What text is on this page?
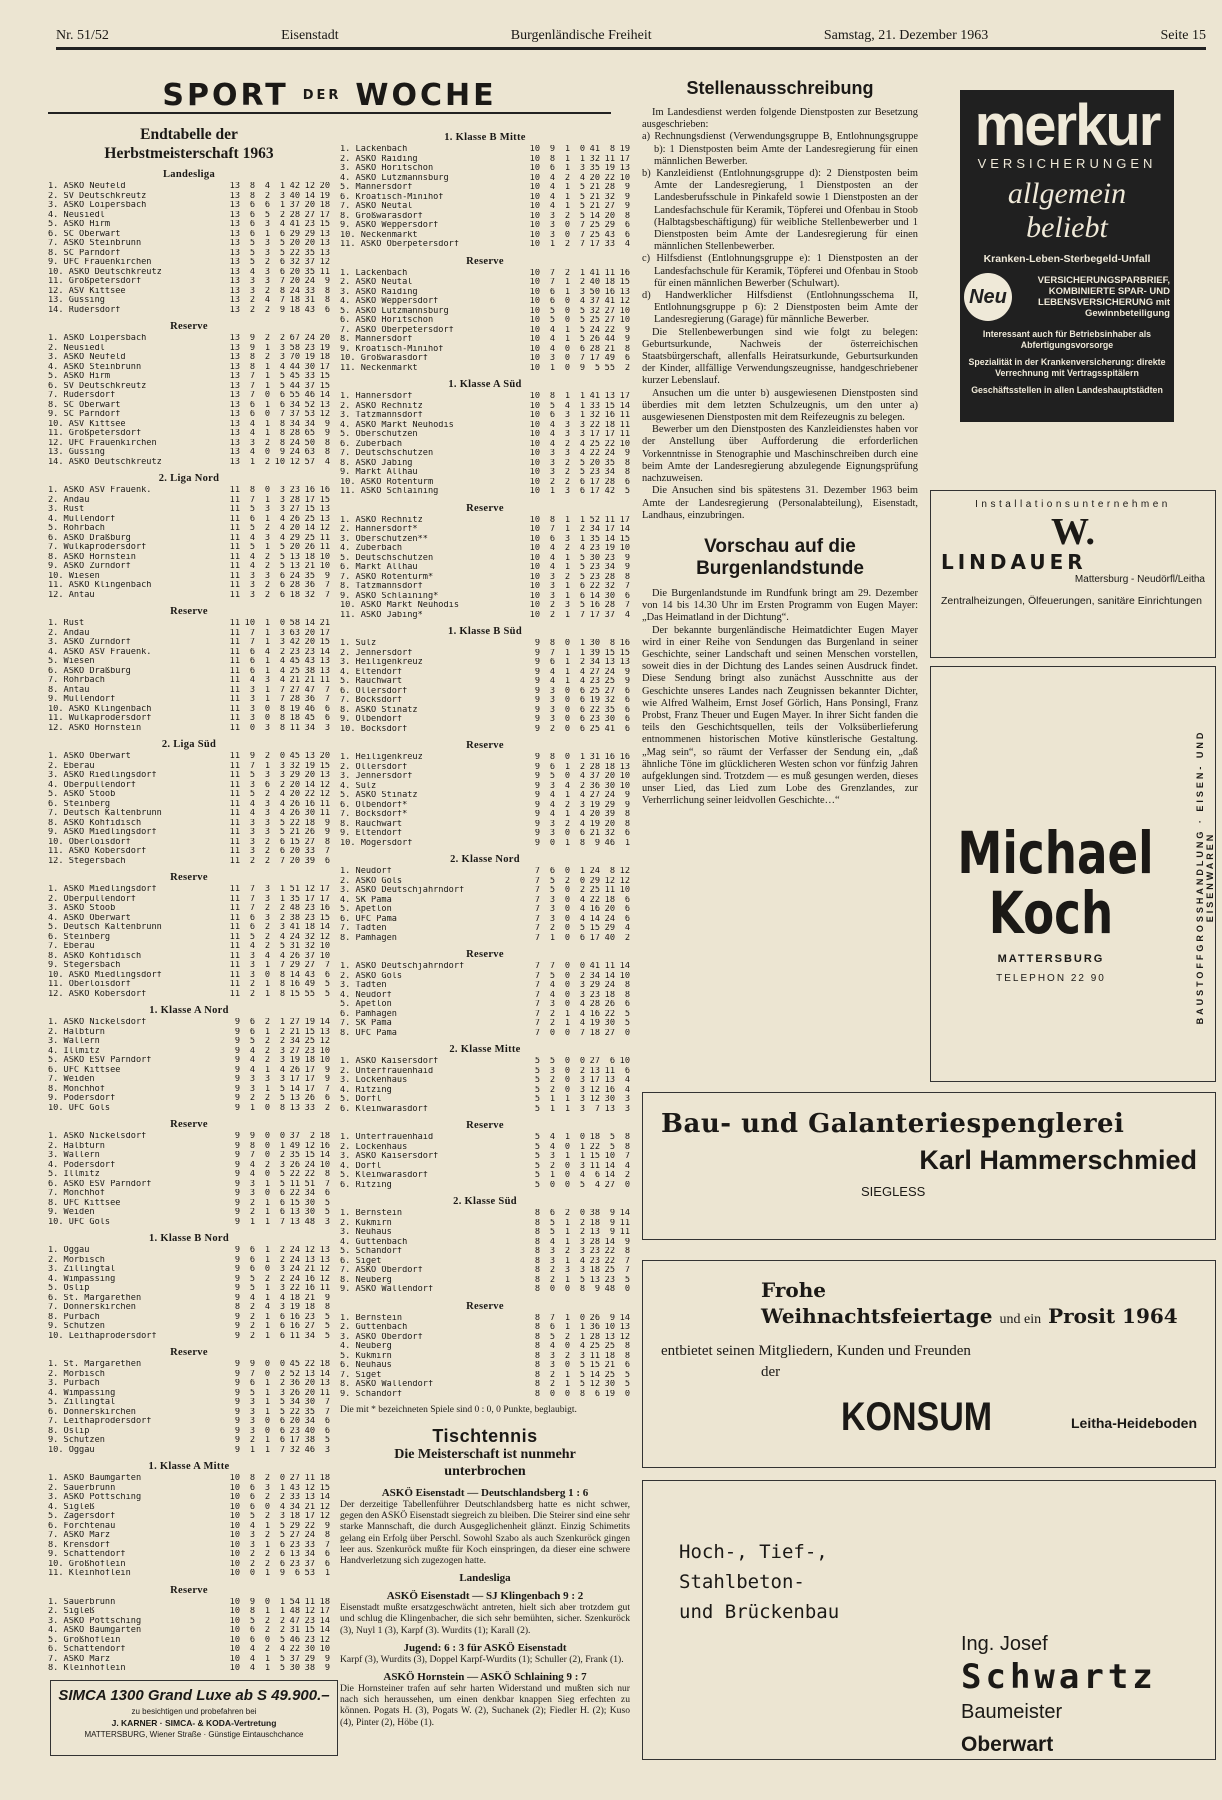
Nr. 51/52	Eisenstadt	Burgenländische Freiheit	Samstag, 21. Dezember 1963	Seite 15
SPORT DER WOCHE
Endtabelle der
Herbstmeisterschaft 1963
Landesliga
1. ASKÖ Neufeld	13	8	4	1	42	12	20
2. SV Deutschkreutz	13	8	2	3	40	14	19
3. ASKÖ Loipersbach	13	6	6	1	37	20	18
4. Neusiedl	13	6	5	2	28	27	17
5. ASKÖ Hirm	13	6	3	4	41	23	15
6. SC Oberwart	13	6	1	6	29	29	13
7. ASKÖ Steinbrunn	13	5	3	5	20	20	13
8. SC Parndorf	13	5	3	5	22	35	13
9. UFC Frauenkirchen	13	5	2	6	32	37	12
10. ASKÖ Deutschkreutz	13	4	3	6	20	35	11
11. Großpetersdorf	13	3	3	7	20	24	9
12. ASV Kittsee	13	3	2	8	24	33	8
13. Güssing	13	2	4	7	18	31	8
14. Rudersdorf	13	2	2	9	18	43	6
Reserve
1. ASKÖ Loipersbach	13	9	2	2	67	24	20
2. Neusiedl	13	9	1	3	58	23	19
3. ASKÖ Neufeld	13	8	2	3	70	19	18
4. ASKÖ Steinbrunn	13	8	1	4	44	30	17
5. ASKÖ Hirm	13	7	1	5	45	33	15
6. SV Deutschkreutz	13	7	1	5	44	37	15
7. Rudersdorf	13	7	0	6	55	46	14
8. SC Oberwart	13	6	1	6	34	52	13
9. SC Parndorf	13	6	0	7	37	53	12
10. ASV Kittsee	13	4	1	8	34	34	9
11. Großpetersdorf	13	4	1	8	28	65	9
12. UFC Frauenkirchen	13	3	2	8	24	50	8
13. Güssing	13	4	0	9	24	63	8
14. ASKÖ Deutschkreutz	13	1	2	10	12	57	4
2. Liga Nord
1. ASKÖ ASV Frauenk.	11	8	0	3	23	16	16
2. Andau	11	7	1	3	28	17	15
3. Rust	11	5	3	3	27	15	13
4. Müllendorf	11	6	1	4	26	25	13
5. Rohrbach	11	5	2	4	20	14	12
6. ASKÖ Draßburg	11	4	3	4	29	25	11
7. Wulkaprodersdorf	11	5	1	5	20	26	11
8. ASKÖ Hornstein	11	4	2	5	13	18	10
9. ASKÖ Zurndorf	11	4	2	5	13	21	10
10. Wiesen	11	3	3	6	24	35	9
11. ASKÖ Klingenbach	11	3	2	6	28	36	7
12. Antau	11	3	2	6	18	32	7
Reserve
1. Rust	11	10	1	0	58	14	21
2. Andau	11	7	1	3	63	20	17
3. ASKÖ Zurndorf	11	7	1	3	42	20	15
4. ASKÖ ASV Frauenk.	11	6	4	2	23	23	14
5. Wiesen	11	6	1	4	45	43	13
6. ASKÖ Draßburg	11	6	1	4	25	38	13
7. Rohrbach	11	4	3	4	21	21	11
8. Antau	11	3	1	7	27	47	7
9. Müllendorf	11	3	1	7	28	36	7
10. ASKÖ Klingenbach	11	3	0	8	19	46	6
11. Wulkaprodersdorf	11	3	0	8	18	45	6
12. ASKÖ Hornstein	11	0	3	8	11	34	3
2. Liga Süd
1. ASKÖ Oberwart	11	9	2	0	45	13	20
2. Eberau	11	7	1	3	32	19	15
3. ASKÖ Riedlingsdorf	11	5	3	3	29	20	13
4. Oberpullendorf	11	3	6	2	20	14	12
5. ASKÖ Stoob	11	5	2	4	20	22	12
6. Steinberg	11	4	3	4	26	16	11
7. Deutsch Kaltenbrunn	11	4	3	4	26	30	11
8. ASKÖ Kohfidisch	11	3	3	5	22	18	9
9. ASKÖ Miedlingsdorf	11	3	3	5	21	26	9
10. Oberloisdorf	11	3	2	6	15	27	8
11. ASKÖ Kobersdorf	11	3	2	6	20	33	7
12. Stegersbach	11	2	2	7	20	39	6
Reserve
1. ASKÖ Miedlingsdorf	11	7	3	1	51	12	17
2. Oberpullendorf	11	7	3	1	35	17	17
3. ASKÖ Stoob	11	7	2	2	48	23	16
4. ASKÖ Oberwart	11	6	3	2	38	23	15
5. Deutsch Kaltenbrunn	11	6	2	3	41	18	14
6. Steinberg	11	5	2	4	24	32	12
7. Eberau	11	4	2	5	31	32	10
8. ASKÖ Kohfidisch	11	3	4	4	26	37	10
9. Stegersbach	11	3	1	7	29	27	7
10. ASKÖ Miedlingsdorf	11	3	0	8	14	43	6
11. Oberloisdorf	11	2	1	8	16	49	5
12. ASKÖ Kobersdorf	11	2	1	8	15	55	5
1. Klasse A Nord
1. ASKÖ Nickelsdorf	9	6	2	1	27	19	14
2. Halbturn	9	6	1	2	21	15	13
3. Wallern	9	5	2	2	34	25	12
4. Illmitz	9	4	2	3	27	23	10
5. ASKÖ ESV Parndorf	9	4	2	3	19	18	10
6. UFC Kittsee	9	4	1	4	26	17	9
7. Weiden	9	3	3	3	17	17	9
8. Mönchhof	9	3	1	5	14	17	7
9. Podersdorf	9	2	2	5	13	26	6
10. UFC Gols	9	1	0	8	13	33	2
Reserve
1. ASKÖ Nickelsdorf	9	9	0	0	37	2	18
2. Halbturn	9	8	0	1	49	12	16
3. Wallern	9	7	0	2	35	15	14
4. Podersdorf	9	4	2	3	26	24	10
5. Illmitz	9	4	0	5	22	22	8
6. ASKÖ ESV Parndorf	9	3	1	5	11	51	7
7. Mönchhof	9	3	0	6	22	34	6
8. UFC Kittsee	9	2	1	6	15	30	5
9. Weiden	9	2	1	6	13	30	5
10. UFC Gols	9	1	1	7	13	48	3
1. Klasse B Nord
1. Oggau	9	6	1	2	24	12	13
2. Mörbisch	9	6	1	2	24	13	13
3. Zillingtal	9	6	0	3	24	21	12
4. Wimpassing	9	5	2	2	24	16	12
5. Oslip	9	5	1	3	22	16	11
6. St. Margarethen	9	4	1	4	18	21	9
7. Donnerskirchen	8	2	4	3	19	18	8
8. Purbach	9	2	1	6	16	23	5
9. Schützen	9	2	1	6	16	27	5
10. Leithaprodersdorf	9	2	1	6	11	34	5
Reserve
1. St. Margarethen	9	9	0	0	45	22	18
2. Mörbisch	9	7	0	2	52	13	14
3. Purbach	9	6	1	2	36	20	13
4. Wimpassing	9	5	1	3	26	20	11
5. Zillingtal	9	3	1	5	34	30	7
6. Donnerskirchen	9	3	1	5	22	35	7
7. Leithaprodersdorf	9	3	0	6	20	34	6
8. Oslip	9	3	0	6	23	40	6
9. Schützen	9	2	1	6	17	38	5
10. Oggau	9	1	1	7	32	46	3
1. Klasse A Mitte
1. ASKÖ Baumgarten	10	8	2	0	27	11	18
2. Sauerbrunn	10	6	3	1	43	12	15
3. ASKÖ Pöttsching	10	6	2	2	33	13	14
4. Sigleß	10	6	0	4	34	21	12
5. Zagersdorf	10	5	2	3	18	17	12
6. Forchtenau	10	4	1	5	29	22	9
7. ASKÖ Marz	10	3	2	5	27	24	8
8. Krensdorf	10	3	1	6	23	33	7
9. Schattendorf	10	2	2	6	13	34	6
10. Großhöflein	10	2	2	6	23	37	6
11. Kleinhöflein	10	0	1	9	6	53	1
Reserve
1. Sauerbrunn	10	9	0	1	54	11	18
2. Sigleß	10	8	1	1	48	12	17
3. ASKÖ Pöttsching	10	5	2	2	47	23	14
4. ASKÖ Baumgarten	10	6	2	2	31	15	14
5. Großhöflein	10	6	0	5	46	23	12
6. Schattendorf	10	4	2	4	22	30	10
7. ASKÖ Marz	10	4	1	5	37	29	9
8. Kleinhöflein	10	4	1	5	30	38	9

1. Klasse B Mitte
1. Lackenbach	10	9	1	0	41	8	19
2. ASKÖ Raiding	10	8	1	1	32	11	17
3. ASKÖ Horitschon	10	6	1	3	35	19	13
4. ASKÖ Lutzmannsburg	10	4	2	4	20	22	10
5. Mannersdorf	10	4	1	5	21	28	9
6. Kroatisch-Minihof	10	4	1	5	21	32	9
7. ASKÖ Neutal	10	4	1	5	21	27	9
8. Großwarasdorf	10	3	2	5	14	20	8
9. ASKÖ Weppersdorf	10	3	0	7	25	29	6
10. Neckenmarkt	10	3	0	7	25	43	6
11. ASKÖ Oberpetersdorf	10	1	2	7	17	33	4
Reserve
1. Lackenbach	10	7	2	1	41	11	16
2. ASKÖ Neutal	10	7	1	2	40	18	15
3. ASKÖ Raiding	10	6	1	3	50	16	13
4. ASKÖ Weppersdorf	10	6	0	4	37	41	12
5. ASKÖ Lutzmannsburg	10	5	0	5	32	27	10
6. ASKÖ Horitschon	10	5	0	5	25	27	10
7. ASKÖ Oberpetersdorf	10	4	1	5	24	22	9
8. Mannersdorf	10	4	1	5	26	44	9
9. Kroatisch-Minihof	10	4	0	6	28	21	8
10. Großwarasdorf	10	3	0	7	17	49	6
11. Neckenmarkt	10	1	0	9	5	55	2
1. Klasse A Süd
1. Hannersdorf	10	8	1	1	41	13	17
2. ASKÖ Rechnitz	10	5	4	1	33	15	14
3. Tatzmannsdorf	10	6	3	1	32	16	11
4. ASKÖ Markt Neuhodis	10	4	3	3	22	18	11
5. Oberschützen	10	4	3	3	17	17	11
6. Zuberbach	10	4	2	4	25	22	10
7. Deutschschützen	10	3	3	4	22	24	9
8. ASKÖ Jabing	10	3	2	5	20	35	8
9. Markt Allhau	10	3	2	5	23	34	8
10. ASKÖ Rotenturm	10	2	2	6	17	28	6
11. ASKÖ Schlaining	10	1	3	6	17	42	5
Reserve
1. ASKÖ Rechnitz	10	8	1	1	52	11	17
2. Hannersdorf*	10	7	1	2	34	17	14
3. Oberschützen**	10	6	3	1	35	14	15
4. Zuberbach	10	4	2	4	23	19	10
5. Deutschschützen	10	4	1	5	30	23	9
6. Markt Allhau	10	4	1	5	23	34	9
7. ASKÖ Rotenturm*	10	3	2	5	23	28	8
8. Tatzmannsdorf	10	3	1	6	22	32	7
9. ASKÖ Schlaining*	10	3	1	6	14	30	6
10. ASKÖ Markt Neuhodis	10	2	3	5	16	28	7
11. ASKÖ Jabing*	10	2	1	7	17	37	4
1. Klasse B Süd
1. Sulz	9	8	0	1	30	8	16
2. Jennersdorf	9	7	1	1	39	15	15
3. Heiligenkreuz	9	6	1	2	34	13	13
4. Eltendorf	9	4	1	4	27	24	9
5. Rauchwart	9	4	1	4	23	25	9
6. Ollersdorf	9	3	0	6	25	27	6
7. Bocksdorf	9	3	0	6	19	32	6
8. ASKÖ Stinatz	9	3	0	6	22	35	6
9. Olbendorf	9	3	0	6	23	30	6
10. Bocksdorf	9	2	0	6	25	41	6
Reserve
1. Heiligenkreuz	9	8	0	1	31	16	16
2. Ollersdorf	9	6	1	2	28	18	13
3. Jennersdorf	9	5	0	4	37	20	10
4. Sulz	9	3	4	2	36	30	10
5. ASKÖ Stinatz	9	4	1	4	27	24	9
6. Olbendorf*	9	4	2	3	19	29	9
7. Bocksdorf*	9	4	1	4	20	39	8
8. Rauchwart	9	3	2	4	19	20	8
9. Eltendorf	9	3	0	6	21	32	6
10. Mogersdorf	9	0	1	8	9	46	1
2. Klasse Nord
1. Neudorf	7	6	0	1	24	8	12
2. ASKÖ Gols	7	5	2	0	29	12	12
3. ASKÖ Deutschjahrndorf	7	5	0	2	25	11	10
4. SK Pama	7	3	0	4	22	18	6
5. Apetlon	7	3	0	4	16	20	6
6. UFC Pama	7	3	0	4	14	24	6
7. Tadten	7	2	0	5	15	29	4
8. Pamhagen	7	1	0	6	17	40	2
Reserve
1. ASKÖ Deutschjahrndorf	7	7	0	0	41	11	14
2. ASKÖ Gols	7	5	0	2	34	14	10
3. Tadten	7	4	0	3	29	24	8
4. Neudorf	7	4	0	3	23	18	8
5. Apetlon	7	3	0	4	28	26	6
6. Pamhagen	7	2	1	4	16	22	5
7. SK Pama	7	2	1	4	19	30	5
8. UFC Pama	7	0	0	7	18	27	0
2. Klasse Mitte
1. ASKÖ Kaisersdorf	5	5	0	0	27	6	10
2. Unterfrauenhaid	5	3	0	2	13	11	6
3. Lockenhaus	5	2	0	3	17	13	4
4. Ritzing	5	2	0	3	12	16	4
5. Dörfl	5	1	1	3	12	30	3
6. Kleinwarasdorf	5	1	1	3	7	13	3
Reserve
1. Unterfrauenhaid	5	4	1	0	18	5	8
2. Lockenhaus	5	4	0	1	22	5	8
3. ASKÖ Kaisersdorf	5	3	1	1	15	10	7
4. Dörfl	5	2	0	3	11	14	4
5. Kleinwarasdorf	5	1	0	4	6	14	2
6. Ritzing	5	0	0	5	4	27	0
2. Klasse Süd
1. Bernstein	8	6	2	0	38	9	14
2. Kukmirn	8	5	1	2	18	9	11
3. Neuhaus	8	5	1	2	13	9	11
4. Güttenbach	8	4	1	3	28	14	9
5. Schandorf	8	3	2	3	23	22	8
6. Siget	8	3	1	4	23	22	7
7. ASKÖ Oberdorf	8	2	3	3	18	25	7
8. Neuberg	8	2	1	5	13	23	5
9. ASKÖ Wallendorf	8	0	0	8	9	48	0
Reserve
1. Bernstein	8	7	1	0	26	9	14
2. Güttenbach	8	6	1	1	36	10	13
3. ASKÖ Oberdorf	8	5	2	1	28	13	12
4. Neuberg	8	4	0	4	25	25	8
5. Kukmirn	8	3	2	3	11	18	8
6. Neuhaus	8	3	0	5	15	21	6
7. Siget	8	2	1	5	14	25	5
8. ASKÖ Wallendorf	8	2	1	5	12	30	5
9. Schandorf	8	0	0	8	6	19	0
Die mit * bezeichneten Spiele sind 0 : 0, 0 Punkte, beglaubigt.
Tischtennis
Die Meisterschaft ist nunmehr
unterbrochen
ASKÖ Eisenstadt — Deutschlandsberg 1 : 6
Der derzeitige Tabellenführer Deutschlandsberg hatte es nicht schwer, gegen den ASKÖ Eisenstadt siegreich zu bleiben. Die Steirer sind eine sehr starke Mannschaft, die durch Ausgeglichenheit glänzt. Einzig Schimetits gelang ein Erfolg über Perschl. Sowohl Szabo als auch Szenkuröck gingen leer aus. Szenkuröck mußte für Koch einspringen, da dieser eine schwere Handverletzung sich zugezogen hatte.
Landesliga
ASKÖ Eisenstadt — SJ Klingenbach 9 : 2
Eisenstadt mußte ersatzgeschwächt antreten, hielt sich aber trotzdem gut und schlug die Klingenbacher, die sich sehr bemühten, sicher. Szenkuröck (3), Nuyl 1 (3), Karpf (3). Wurdits (1); Karall (2).
Jugend: 6 : 3 für ASKÖ Eisenstadt
Karpf (3), Wurdits (3), Doppel Karpf-Wurdits (1); Schuller (2), Frank (1).
ASKÖ Hornstein — ASKÖ Schlaining 9 : 7
Die Hornsteiner trafen auf sehr harten Widerstand und mußten sich nur nach sich heraussehen, um einen denkbar knappen Sieg erfechten zu können. Pogats H. (3), Pogats W. (2), Suchanek (2); Fiedler H. (2); Kuso (4), Pinter (2), Höbe (1).
Stellenausschreibung

Im Landesdienst werden folgende Dienstposten zur Besetzung ausgeschrieben:

a) Rechnungsdienst (Verwendungsgruppe B, Entlohnungsgruppe b): 1 Dienstposten beim Amte der Landesregierung für einen männlichen Bewerber.
b) Kanzleidienst (Entlohnungsgruppe d): 2 Dienstposten beim Amte der Landesregierung, 1 Dienstposten an der Landesberufsschule in Pinkafeld sowie 1 Dienstposten an der Landesfachschule für Keramik, Töpferei und Ofenbau in Stoob (Halbtagsbeschäftigung) für weibliche Stellenbewerber und 1 Dienstposten beim Amte der Landesregierung für einen männlichen Stellenbewerber.
c) Hilfsdienst (Entlohnungsgruppe e): 1 Dienstposten an der Landesfachschule für Keramik, Töpferei und Ofenbau in Stoob für einen männlichen Bewerber (Schulwart).
d) Handwerklicher Hilfsdienst (Entlohnungsschema II, Entlohnungsgruppe p 6): 2 Dienstposten beim Amte der Landesregierung (Garage) für männliche Bewerber.

Die Stellenbewerbungen sind wie folgt zu belegen: Geburtsurkunde, Nachweis der österreichischen Staatsbürgerschaft, allenfalls Heiratsurkunde, Geburtsurkunden der Kinder, allfällige Verwendungszeugnisse, handgeschriebener kurzer Lebenslauf.

Ansuchen um die unter b) ausgewiesenen Dienstposten sind überdies mit dem letzten Schulzeugnis, um den unter a) ausgewiesenen Dienstposten mit dem Reifezeugnis zu belegen.

Bewerber um den Dienstposten des Kanzleidienstes haben vor der Anstellung über Aufforderung die erforderlichen Vorkenntnisse in Stenographie und Maschinschreiben durch eine beim Amte der Landesregierung abzulegende Eignungsprüfung nachzuweisen.

Die Ansuchen sind bis spätestens 31. Dezember 1963 beim Amte der Landesregierung (Personalabteilung), Eisenstadt, Landhaus, einzubringen.

Vorschau auf die
Burgenlandstunde

Die Burgenlandstunde im Rundfunk bringt am 29. Dezember von 14 bis 14.30 Uhr im Ersten Programm von Eugen Mayer: „Das Heimatland in der Dichtung“.

Der bekannte burgenländische Heimatdichter Eugen Mayer wird in einer Reihe von Sendungen das Burgenland in seiner Geschichte, seiner Landschaft und seinen Menschen vorstellen, soweit dies in der Dichtung des Landes seinen Ausdruck findet. Diese Sendung bringt also zunächst Ausschnitte aus der Geschichte unseres Landes nach Zeugnissen bekannter Dichter, wie Alfred Walheim, Ernst Josef Görlich, Hans Ponsingl, Franz Probst, Franz Theuer und Eugen Mayer. In ihrer Sicht fanden die teils den Geschichtsquellen, teils der Volksüberlieferung entnommenen historischen Motive künstlerische Gestaltung. „Mag sein“, so räumt der Verfasser der Sendung ein, „daß ähnliche Töne im glücklicheren Westen schon vor fünfzig Jahren aufgeklungen sind. Trotzdem — es muß gesungen werden, dieses unser Lied, das Lied zum Lobe des Grenzlandes, zur Verherrlichung seiner leidvollen Geschichte…“

merkur
VERSICHERUNGEN
allgemein beliebt
Kranken-Leben-Sterbegeld-Unfall
Neu
VERSICHERUNGSPARBRIEF, KOMBINIERTE SPAR- UND LEBENSVERSICHERUNG mit Gewinnbeteiligung
Interessant auch für Betriebsinhaber als Abfertigungsvorsorge
Spezialität in der Krankenversicherung: direkte Verrechnung mit Vertragsspitälern
Geschäftsstellen in allen Landeshauptstädten
Installationsunternehmen
W.
LINDAUER
Mattersburg - Neudörfl/Leitha
Zentralheizungen, Ölfeuerungen, sanitäre Einrichtungen
BAUSTOFFGROSSHANDLUNG · EISEN- UND EISENWAREN
Michael
Koch
MATTERSBURG
TELEPHON 22 90
Bau- und Galanteriespenglerei
Karl Hammerschmied
SIEGLESS
Frohe
Weihnachtsfeiertage und ein Prosit 1964
entbietet seinen Mitgliedern, Kunden und Freunden
der
KONSUM	Leitha-Heideboden
Hoch-, Tief-,
Stahlbeton-
und Brückenbau
Ing. Josef
Schwartz
Baumeister
Oberwart
SIMCA 1300 Grand Luxe ab S 49.900.–
zu besichtigen und probefahren bei
J. KARNER · SIMCA- & KODA-Vertretung
MATTERSBURG, Wiener Straße · Günstige Eintauschchance
